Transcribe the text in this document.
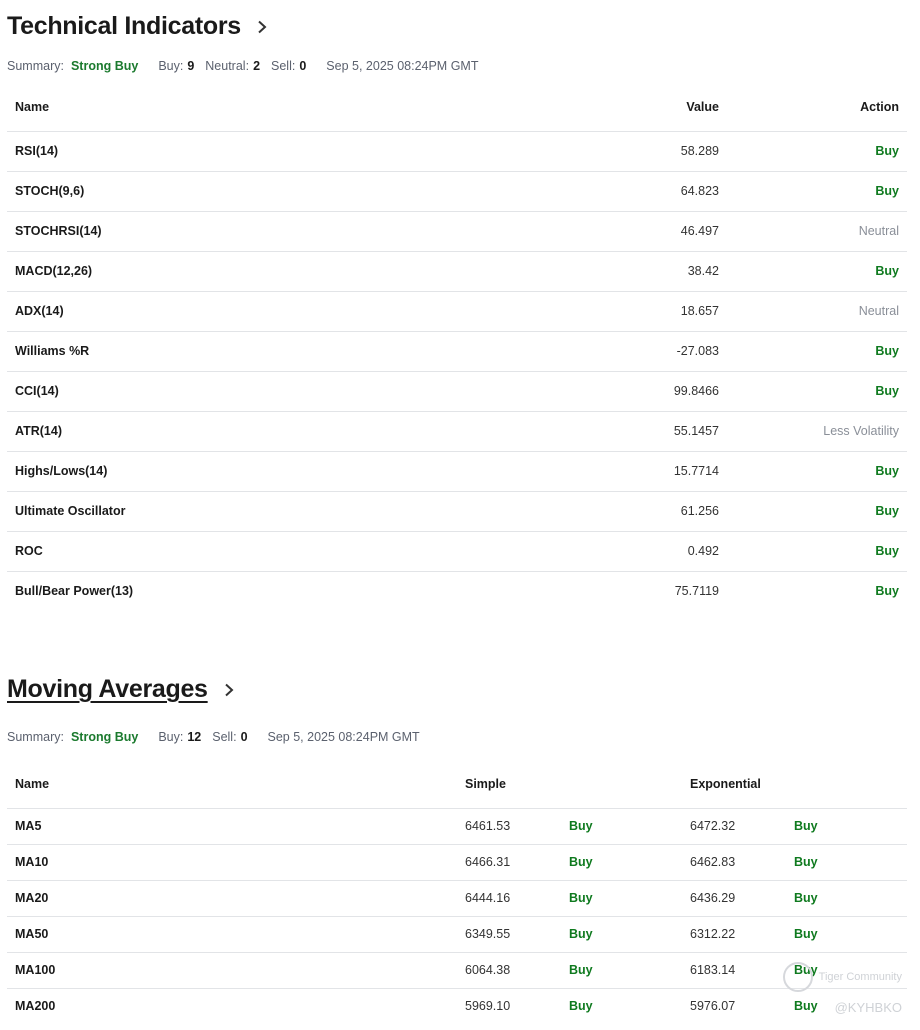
Technical Indicators
Summary: Strong Buy Buy: 9 Neutral: 2 Sell: 0 Sep 5, 2025 08:24PM GMT
Name	Value	Action
RSI(14)	58.289	Buy
STOCH(9,6)	64.823	Buy
STOCHRSI(14)	46.497	Neutral
MACD(12,26)	38.42	Buy
ADX(14)	18.657	Neutral
Williams %R	-27.083	Buy
CCI(14)	99.8466	Buy
ATR(14)	55.1457	Less Volatility
Highs/Lows(14)	15.7714	Buy
Ultimate Oscillator	61.256	Buy
ROC	0.492	Buy
Bull/Bear Power(13)	75.7119	Buy
Moving Averages
Summary: Strong Buy Buy: 12 Sell: 0 Sep 5, 2025 08:24PM GMT
Name	Simple		Exponential	
MA5	6461.53	Buy	6472.32	Buy
MA10	6466.31	Buy	6462.83	Buy
MA20	6444.16	Buy	6436.29	Buy
MA50	6349.55	Buy	6312.22	Buy
MA100	6064.38	Buy	6183.14	Buy
MA200	5969.10	Buy	5976.07	Buy
Tiger Community
@KYHBKO
